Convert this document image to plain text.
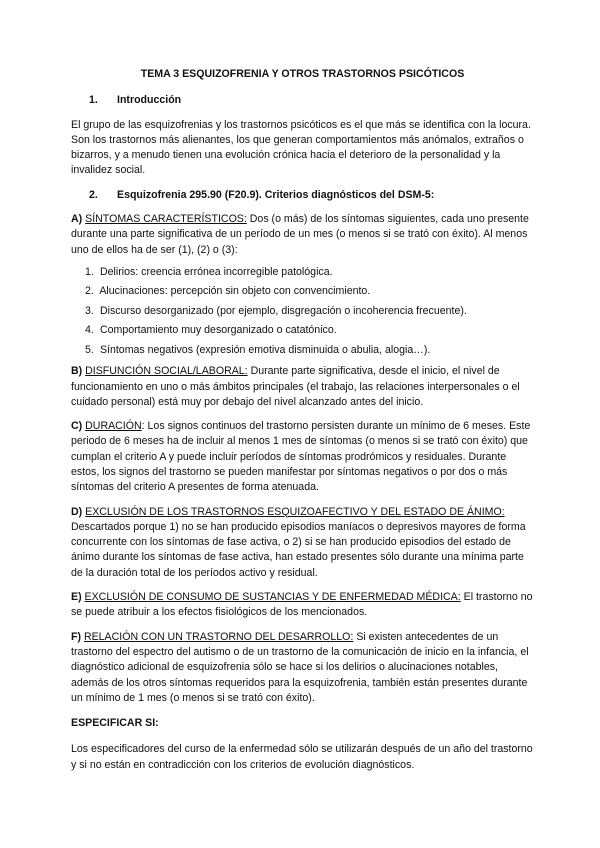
TEMA 3 ESQUIZOFRENIA Y OTROS TRASTORNOS PSICÓTICOS
1. Introducción

El grupo de las esquizofrenias y los trastornos psicóticos es el que más se identifica con la locura. Son los trastornos más alienantes, los que generan comportamientos más anómalos, extraños o bizarros, y a menudo tienen una evolución crónica hacia el deterioro de la personalidad y la invalidez social.

2. Esquizofrenia 295.90 (F20.9). Criterios diagnósticos del DSM-5:

A) SÍNTOMAS CARACTERÍSTICOS: Dos (o más) de los síntomas siguientes, cada uno presente durante una parte significativa de un período de un mes (o menos si se trató con éxito). Al menos uno de ellos ha de ser (1), (2) o (3):

1. Delirios: creencia errónea incorregible patológica.
2. Alucinaciones: percepción sin objeto con convencimiento.
3. Discurso desorganizado (por ejemplo, disgregación o incoherencia frecuente).
4. Comportamiento muy desorganizado o catatónico.
5. Síntomas negativos (expresión emotiva disminuida o abulia, alogia…).

B) DISFUNCIÓN SOCIAL/LABORAL: Durante parte significativa, desde el inicio, el nivel de funcionamiento en uno o más ámbitos principales (el trabajo, las relaciones interpersonales o el cuidado personal) está muy por debajo del nivel alcanzado antes del inicio.

C) DURACIÓN: Los signos continuos del trastorno persisten durante un mínimo de 6 meses. Este periodo de 6 meses ha de incluir al menos 1 mes de síntomas (o menos si se trató con éxito) que cumplan el criterio A y puede incluir períodos de síntomas prodrómicos y residuales. Durante estos, los signos del trastorno se pueden manifestar por síntomas negativos o por dos o más síntomas del criterio A presentes de forma atenuada.

D) EXCLUSIÓN DE LOS TRASTORNOS ESQUIZOAFECTIVO Y DEL ESTADO DE ÁNIMO: Descartados porque 1) no se han producido episodios maníacos o depresivos mayores de forma concurrente con los síntomas de fase activa, o 2) si se han producido episodios del estado de ánimo durante los síntomas de fase activa, han estado presentes sólo durante una mínima parte de la duración total de los períodos activo y residual.

E) EXCLUSIÓN DE CONSUMO DE SUSTANCIAS Y DE ENFERMEDAD MÉDICA: El trastorno no se puede atribuir a los efectos fisiológicos de los mencionados.

F) RELACIÓN CON UN TRASTORNO DEL DESARROLLO: Si existen antecedentes de un trastorno del espectro del autismo o de un trastorno de la comunicación de inicio en la infancia, el diagnóstico adicional de esquizofrenia sólo se hace si los delirios o alucinaciones notables, además de los otros síntomas requeridos para la esquizofrenia, también están presentes durante un mínimo de 1 mes (o menos si se trató con éxito).

ESPECIFICAR SI:

Los especificadores del curso de la enfermedad sólo se utilizarán después de un año del trastorno y si no están en contradicción con los criterios de evolución diagnósticos.
